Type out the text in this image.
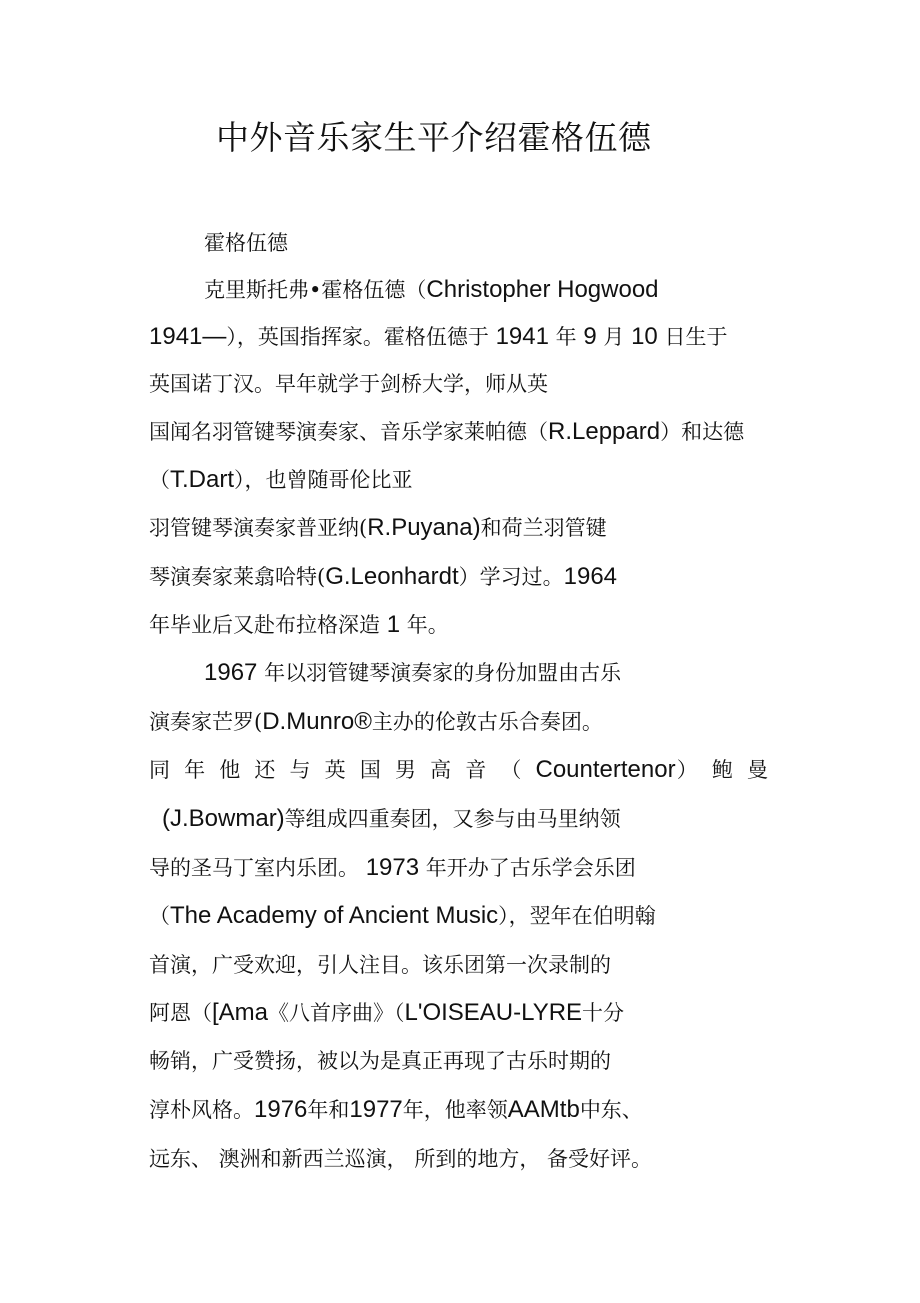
中外音乐家生平介绍霍格伍德
霍格伍德
克里斯托弗•霍格伍德（Christopher Hogwood
1941—），英国指挥家。霍格伍德于 1941 年 9 月 10 日生于
英国诺丁汉。早年就学于剑桥大学，师从英
国闻名羽管键琴演奏家、音乐学家莱帕德（R.Leppard）和达德
（T.Dart），也曾随哥伦比亚
羽管键琴演奏家普亚纳(R.Puyana)和荷兰羽管键
琴演奏家莱翕哈特(G.Leonhardt）学习过。1964
年毕业后又赴布拉格深造 1 年。
1967 年以羽管键琴演奏家的身份加盟由古乐
演奏家芒罗(D.Munro®主办的伦敦古乐合奏团。
同年他还与英国男高音（Countertenor）鲍曼
(J.Bowmar)等组成四重奏团，又参与由马里纳领
导的圣马丁室内乐团。 1973 年开办了古乐学会乐团
（The Academy of Ancient Music），翌年在伯明翰
首演，广受欢迎，引人注目。该乐团第一次录制的
阿恩（[Ama《八首序曲》（L'OISEAU-LYRE十分
畅销，广受赞扬，被以为是真正再现了古乐时期的
淳朴风格。1976年和1977年，他率领AAMtb中东、
远东、 澳洲和新西兰巡演， 所到的地方， 备受好评。
